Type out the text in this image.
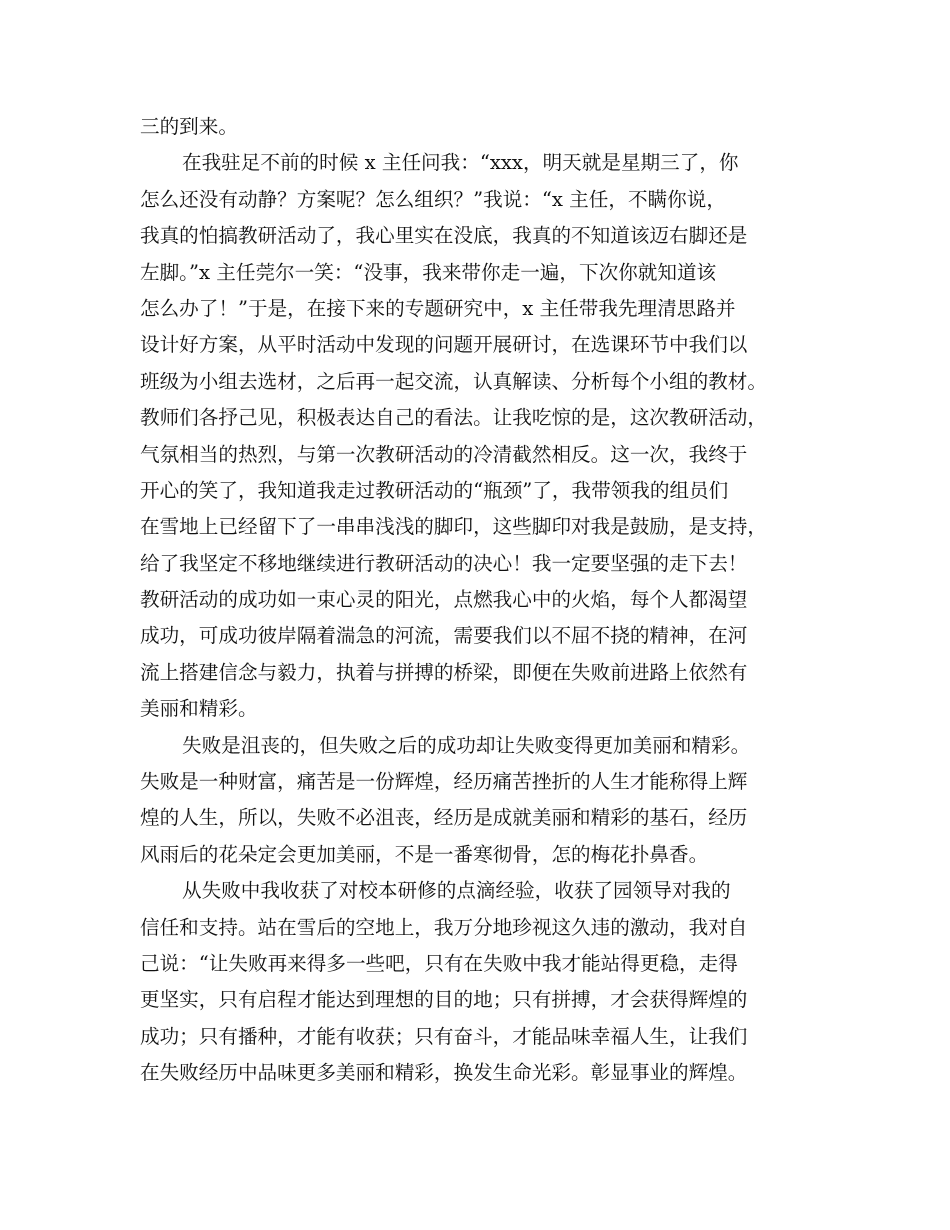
三的到来。
在我驻足不前的时候 x 主任问我：“xxx，明天就是星期三了，你
怎么还没有动静？方案呢？怎么组织？”我说：“x 主任，不瞒你说，
我真的怕搞教研活动了，我心里实在没底，我真的不知道该迈右脚还是
左脚。”x 主任莞尔一笑：“没事，我来带你走一遍，下次你就知道该
怎么办了！”于是，在接下来的专题研究中，x 主任带我先理清思路并
设计好方案，从平时活动中发现的问题开展研讨，在选课环节中我们以
班级为小组去选材，之后再一起交流，认真解读、分析每个小组的教材。
教师们各抒己见，积极表达自己的看法。让我吃惊的是，这次教研活动，
气氛相当的热烈，与第一次教研活动的冷清截然相反。这一次，我终于
开心的笑了，我知道我走过教研活动的“瓶颈”了，我带领我的组员们
在雪地上已经留下了一串串浅浅的脚印，这些脚印对我是鼓励，是支持，
给了我坚定不移地继续进行教研活动的决心！我一定要坚强的走下去！
教研活动的成功如一束心灵的阳光，点燃我心中的火焰，每个人都渴望
成功，可成功彼岸隔着湍急的河流，需要我们以不屈不挠的精神，在河
流上搭建信念与毅力，执着与拼搏的桥梁，即便在失败前进路上依然有
美丽和精彩。
失败是沮丧的，但失败之后的成功却让失败变得更加美丽和精彩。
失败是一种财富，痛苦是一份辉煌，经历痛苦挫折的人生才能称得上辉
煌的人生，所以，失败不必沮丧，经历是成就美丽和精彩的基石，经历
风雨后的花朵定会更加美丽，不是一番寒彻骨，怎的梅花扑鼻香。
从失败中我收获了对校本研修的点滴经验，收获了园领导对我的
信任和支持。站在雪后的空地上，我万分地珍视这久违的激动，我对自
己说：“让失败再来得多一些吧，只有在失败中我才能站得更稳，走得
更坚实，只有启程才能达到理想的目的地；只有拼搏，才会获得辉煌的
成功；只有播种，才能有收获；只有奋斗，才能品味幸福人生，让我们
在失败经历中品味更多美丽和精彩，换发生命光彩。彰显事业的辉煌。
